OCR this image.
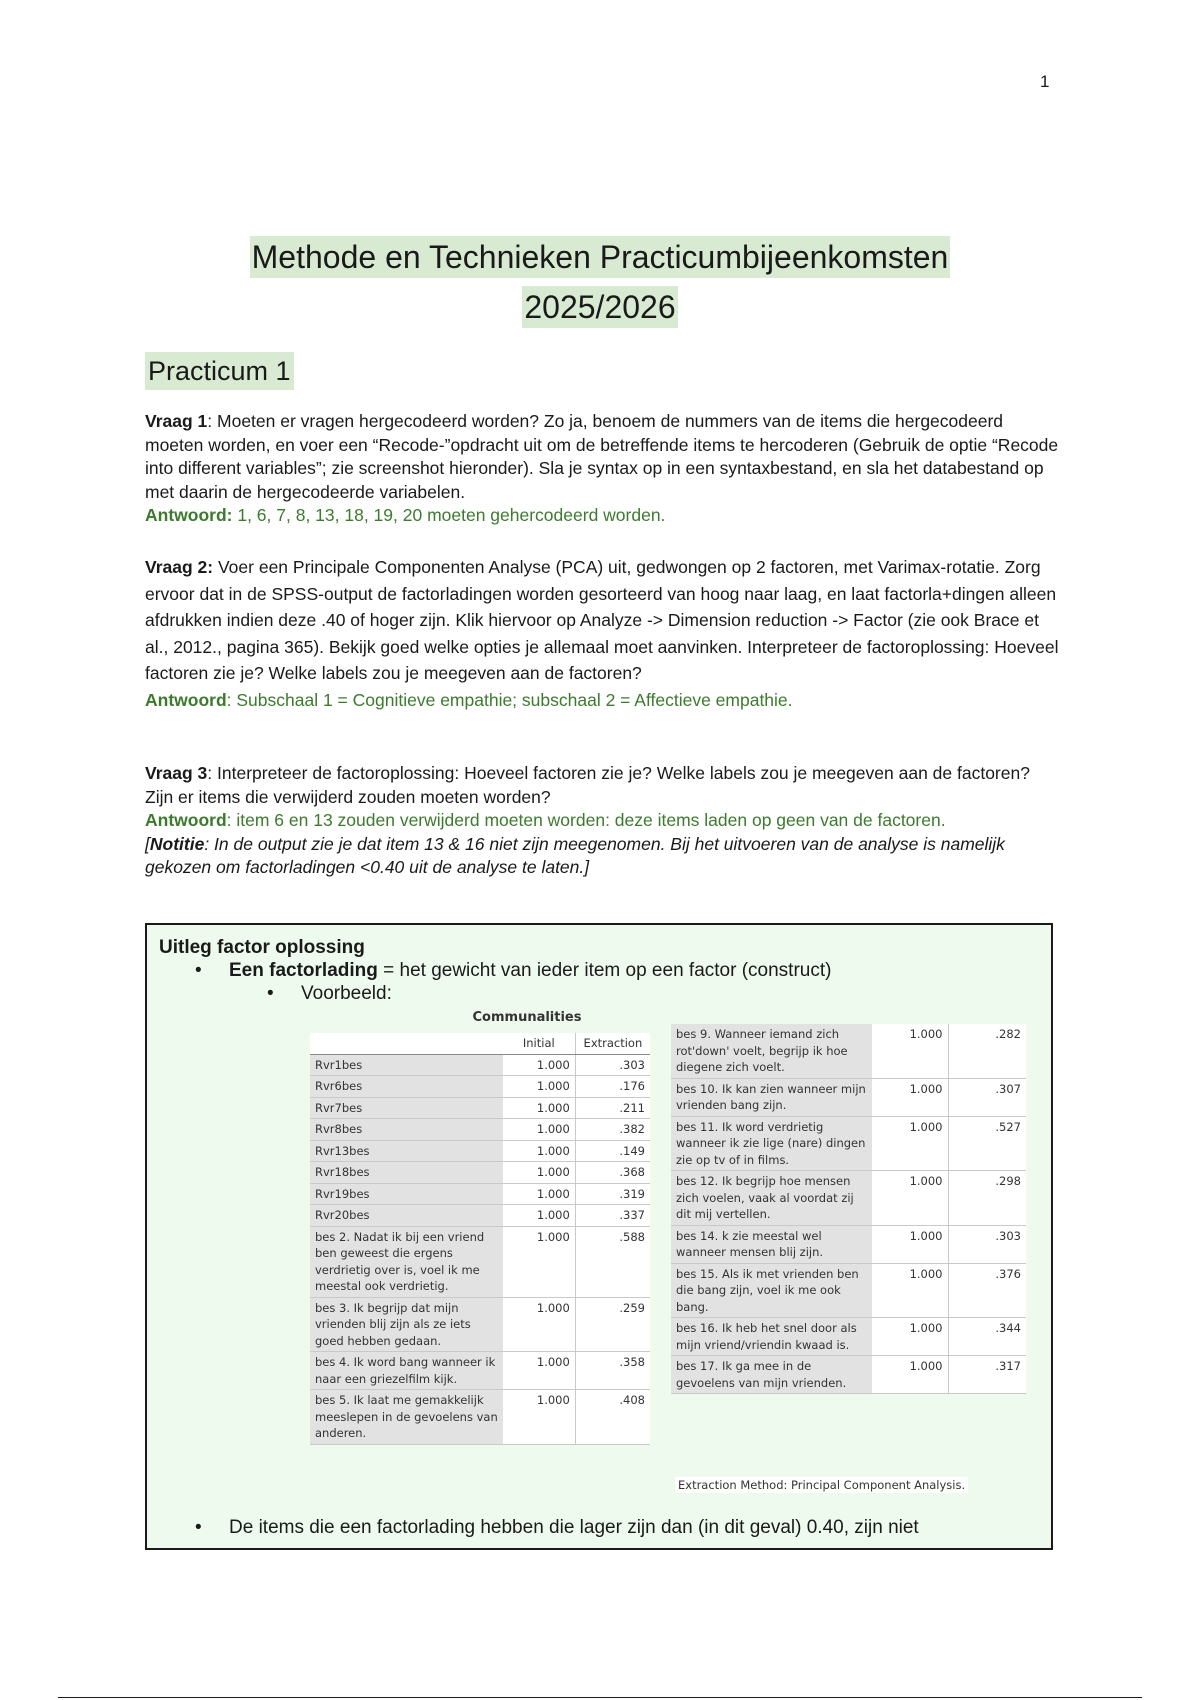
1
Methode en Technieken Practicumbijeenkomsten
2025/2026
Practicum 1
Vraag 1: Moeten er vragen hergecodeerd worden? Zo ja, benoem de nummers van de items die hergecodeerd moeten worden, en voer een “Recode-”opdracht uit om de betreffende items te hercoderen (Gebruik de optie “Recode into different variables”; zie screenshot hieronder). Sla je syntax op in een syntaxbestand, en sla het databestand op met daarin de hergecodeerde variabelen.
Antwoord: 1, 6, 7, 8, 13, 18, 19, 20 moeten gehercodeerd worden.
Vraag 2: Voer een Principale Componenten Analyse (PCA) uit, gedwongen op 2 factoren, met Varimax-rotatie. Zorg ervoor dat in de SPSS-output de factorladingen worden gesorteerd van hoog naar laag, en laat factorla+dingen alleen afdrukken indien deze .40 of hoger zijn. Klik hiervoor op Analyze -> Dimension reduction -> Factor (zie ook Brace et al., 2012., pagina 365). Bekijk goed welke opties je allemaal moet aanvinken. Interpreteer de factoroplossing: Hoeveel factoren zie je? Welke labels zou je meegeven aan de factoren?
Antwoord: Subschaal 1 = Cognitieve empathie; subschaal 2 = Affectieve empathie.
Vraag 3: Interpreteer de factoroplossing: Hoeveel factoren zie je? Welke labels zou je meegeven aan de factoren? Zijn er items die verwijderd zouden moeten worden?
Antwoord: item 6 en 13 zouden verwijderd moeten worden: deze items laden op geen van de factoren.
[Notitie: In de output zie je dat item 13 & 16 niet zijn meegenomen. Bij het uitvoeren van de analyse is namelijk gekozen om factorladingen <0.40 uit de analyse te laten.]
Uitleg factor oplossing
• Een factorlading = het gewicht van ieder item op een factor (construct)
• Voorbeeld:
Communalities
	Initial	Extraction
Rvr1bes	1.000	.303
Rvr6bes	1.000	.176
Rvr7bes	1.000	.211
Rvr8bes	1.000	.382
Rvr13bes	1.000	.149
Rvr18bes	1.000	.368
Rvr19bes	1.000	.319
Rvr20bes	1.000	.337
bes 2. Nadat ik bij een vriend ben geweest die ergens verdrietig over is, voel ik me meestal ook verdrietig.	1.000	.588
bes 3. Ik begrijp dat mijn vrienden blij zijn als ze iets goed hebben gedaan.	1.000	.259
bes 4. Ik word bang wanneer ik naar een griezelfilm kijk.	1.000	.358
bes 5. Ik laat me gemakkelijk meeslepen in de gevoelens van anderen.	1.000	.408
bes 9. Wanneer iemand zich rot'down' voelt, begrijp ik hoe diegene zich voelt.	1.000	.282
bes 10. Ik kan zien wanneer mijn vrienden bang zijn.	1.000	.307
bes 11. Ik word verdrietig wanneer ik zie lige (nare) dingen zie op tv of in films.	1.000	.527
bes 12. Ik begrijp hoe mensen zich voelen, vaak al voordat zij dit mij vertellen.	1.000	.298
bes 14. k zie meestal wel wanneer mensen blij zijn.	1.000	.303
bes 15. Als ik met vrienden ben die bang zijn, voel ik me ook bang.	1.000	.376
bes 16. Ik heb het snel door als mijn vriend/vriendin kwaad is.	1.000	.344
bes 17. Ik ga mee in de gevoelens van mijn vrienden.	1.000	.317
Extraction Method: Principal Component Analysis.
• De items die een factorlading hebben die lager zijn dan (in dit geval) 0.40, zijn niet
